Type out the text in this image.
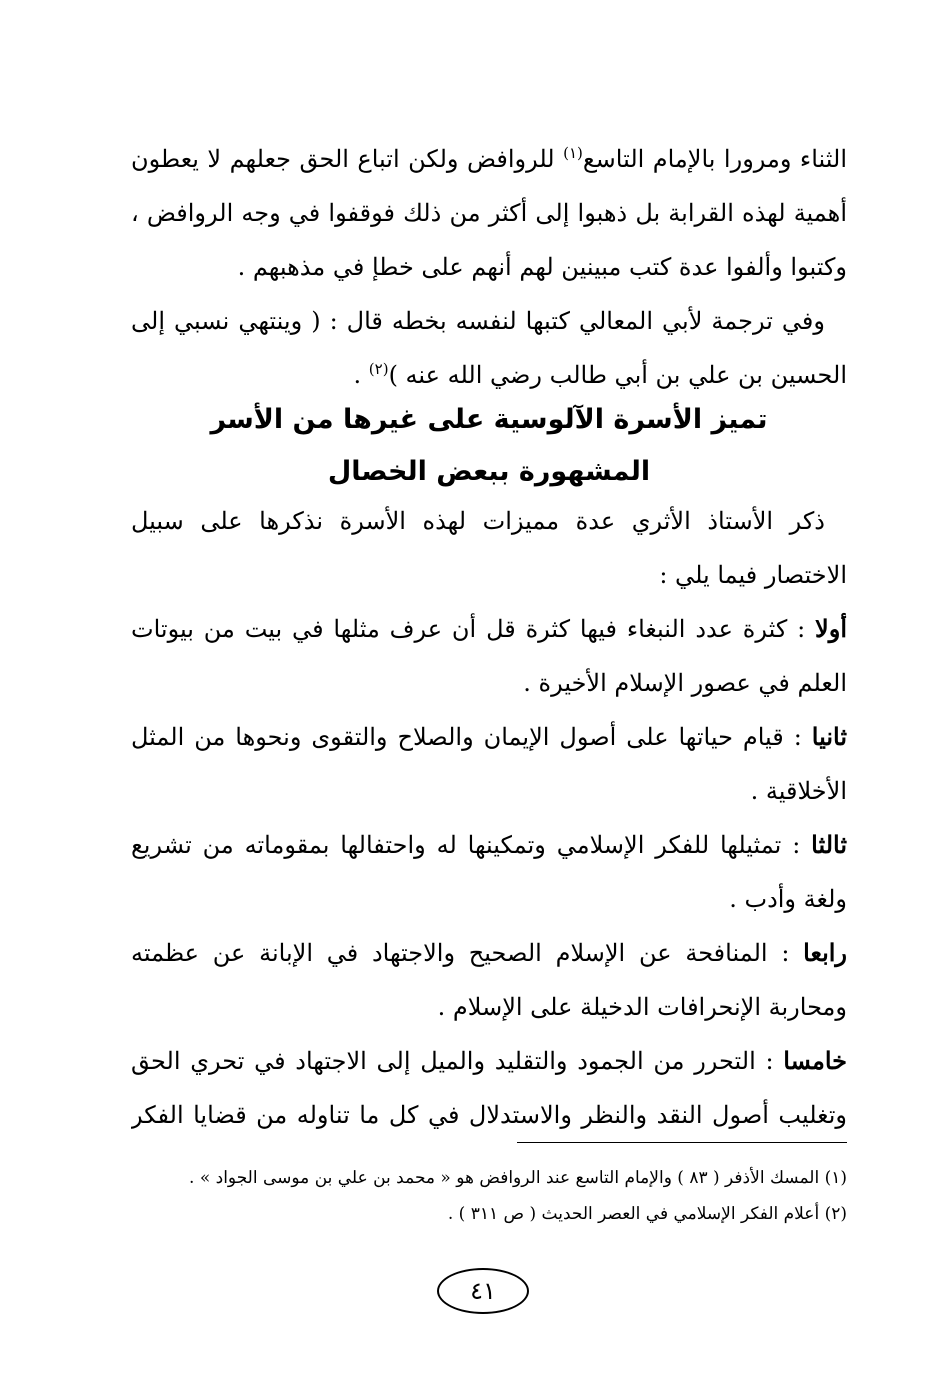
الثناء ومرورا بالإمام التاسع$^{(١)}$ للروافض ولكن اتباع الحق جعلهم لا يعطون
أهمية لهذه القرابة بل ذهبوا إلى أكثر من ذلك فوقفوا في وجه الروافض ،
وكتبوا وألفوا عدة كتب مبينين لهم أنهم على خطإ في مذهبهم .
وفي ترجمة لأبي المعالي كتبها لنفسه بخطه قال : ( وينتهي نسبي إلى
الحسين بن علي بن أبي طالب رضي الله عنه )$^{(٢)}$ .
تميز الأسرة الآلوسية على غيرها من الأسر
المشهورة ببعض الخصال
ذكر الأستاذ الأثري عدة مميزات لهذه الأسرة نذكرها على سبيل
الاختصار فيما يلي :
أولا : كثرة عدد النبغاء فيها كثرة قل أن عرف مثلها في بيت من بيوتات
العلم في عصور الإسلام الأخيرة .
ثانيا : قيام حياتها على أصول الإيمان والصلاح والتقوى ونحوها من المثل
الأخلاقية .
ثالثا : تمثيلها للفكر الإسلامي وتمكينها له واحتفالها بمقوماته من تشريع
ولغة وأدب .
رابعا : المنافحة عن الإسلام الصحيح والاجتهاد في الإبانة عن عظمته
ومحاربة الإنحرافات الدخيلة على الإسلام .
خامسا : التحرر من الجمود والتقليد والميل إلى الاجتهاد في تحري الحق
وتغليب أصول النقد والنظر والاستدلال في كل ما تناوله من قضايا الفكر
(١) المسك الأذفر ( ٨٣ ) والإمام التاسع عند الروافض هو « محمد بن علي بن موسى الجواد » .
(٢) أعلام الفكر الإسلامي في العصر الحديث ( ص ٣١١ ) .
٤١
